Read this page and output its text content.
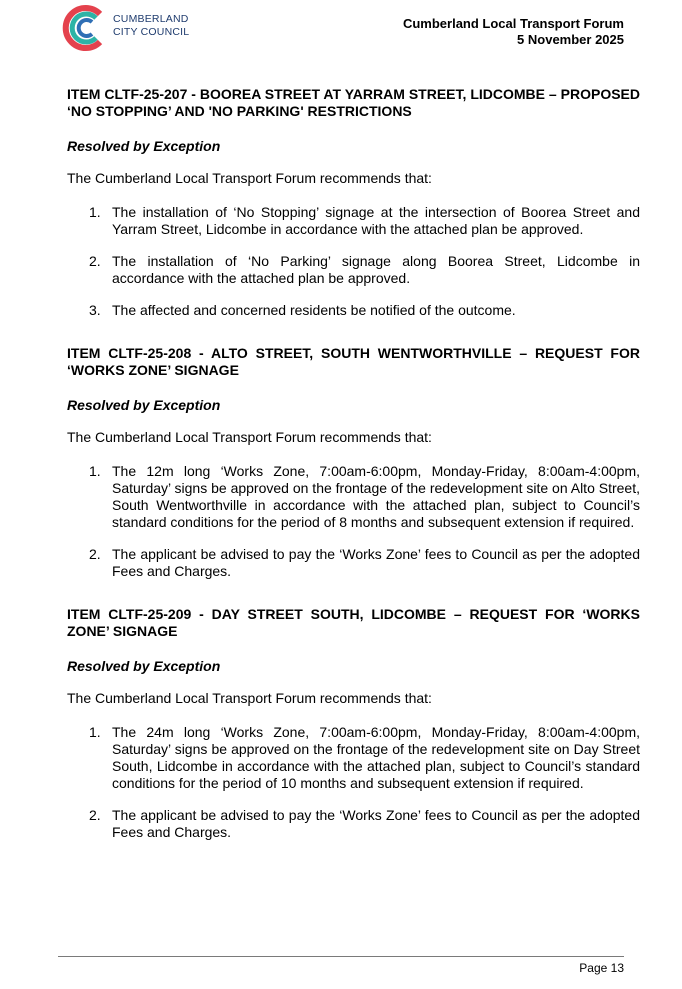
CUMBERLAND
CITY COUNCIL
Cumberland Local Transport Forum
5 November 2025

ITEM CLTF-25-207 - BOOREA STREET AT YARRAM STREET, LIDCOMBE – PROPOSED ‘NO STOPPING’ AND 'NO PARKING' RESTRICTIONS

Resolved by Exception

The Cumberland Local Transport Forum recommends that:

1. The installation of ‘No Stopping’ signage at the intersection of Boorea Street and Yarram Street, Lidcombe in accordance with the attached plan be approved.
2. The installation of ‘No Parking’ signage along Boorea Street, Lidcombe in accordance with the attached plan be approved.
3. The affected and concerned residents be notified of the outcome.

ITEM CLTF-25-208 - ALTO STREET, SOUTH WENTWORTHVILLE – REQUEST FOR ‘WORKS ZONE’ SIGNAGE

Resolved by Exception

The Cumberland Local Transport Forum recommends that:

1. The 12m long ‘Works Zone, 7:00am-6:00pm, Monday-Friday, 8:00am-4:00pm, Saturday’ signs be approved on the frontage of the redevelopment site on Alto Street, South Wentworthville in accordance with the attached plan, subject to Council’s standard conditions for the period of 8 months and subsequent extension if required.
2. The applicant be advised to pay the ‘Works Zone’ fees to Council as per the adopted Fees and Charges.

ITEM CLTF-25-209 - DAY STREET SOUTH, LIDCOMBE – REQUEST FOR ‘WORKS ZONE’ SIGNAGE

Resolved by Exception

The Cumberland Local Transport Forum recommends that:

1. The 24m long ‘Works Zone, 7:00am-6:00pm, Monday-Friday, 8:00am-4:00pm, Saturday’ signs be approved on the frontage of the redevelopment site on Day Street South, Lidcombe in accordance with the attached plan, subject to Council’s standard conditions for the period of 10 months and subsequent extension if required.
2. The applicant be advised to pay the ‘Works Zone’ fees to Council as per the adopted Fees and Charges.
Page 13
